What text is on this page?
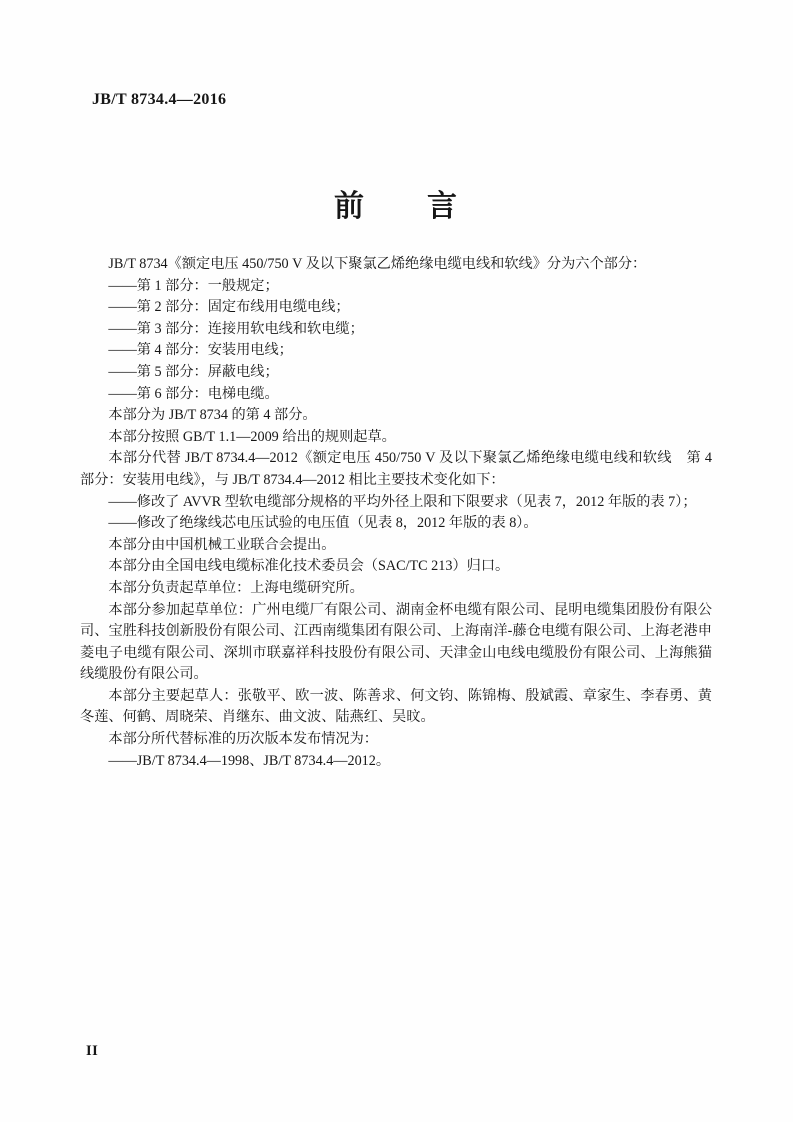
JB/T 8734.4—2016
前　　言

JB/T 8734《额定电压 450/750 V 及以下聚氯乙烯绝缘电缆电线和软线》分为六个部分：

——第 1 部分：一般规定；

——第 2 部分：固定布线用电缆电线；

——第 3 部分：连接用软电线和软电缆；

——第 4 部分：安装用电线；

——第 5 部分：屏蔽电线；

——第 6 部分：电梯电缆。

本部分为 JB/T 8734 的第 4 部分。

本部分按照 GB/T 1.1—2009 给出的规则起草。

本部分代替 JB/T 8734.4—2012《额定电压 450/750 V 及以下聚氯乙烯绝缘电缆电线和软线　第 4 部分：安装用电线》，与 JB/T 8734.4—2012 相比主要技术变化如下：

——修改了 AVVR 型软电缆部分规格的平均外径上限和下限要求（见表 7，2012 年版的表 7）；

——修改了绝缘线芯电压试验的电压值（见表 8，2012 年版的表 8）。

本部分由中国机械工业联合会提出。

本部分由全国电线电缆标准化技术委员会（SAC/TC 213）归口。

本部分负责起草单位：上海电缆研究所。

本部分参加起草单位：广州电缆厂有限公司、湖南金杯电缆有限公司、昆明电缆集团股份有限公司、宝胜科技创新股份有限公司、江西南缆集团有限公司、上海南洋-藤仓电缆有限公司、上海老港申菱电子电缆有限公司、深圳市联嘉祥科技股份有限公司、天津金山电线电缆股份有限公司、上海熊猫线缆股份有限公司。

本部分主要起草人：张敬平、欧一波、陈善求、何文钧、陈锦梅、殷斌霞、章家生、李春勇、黄冬莲、何鹤、周晓荣、肖继东、曲文波、陆燕红、吴旼。

本部分所代替标准的历次版本发布情况为：

——JB/T 8734.4—1998、JB/T 8734.4—2012。

II
